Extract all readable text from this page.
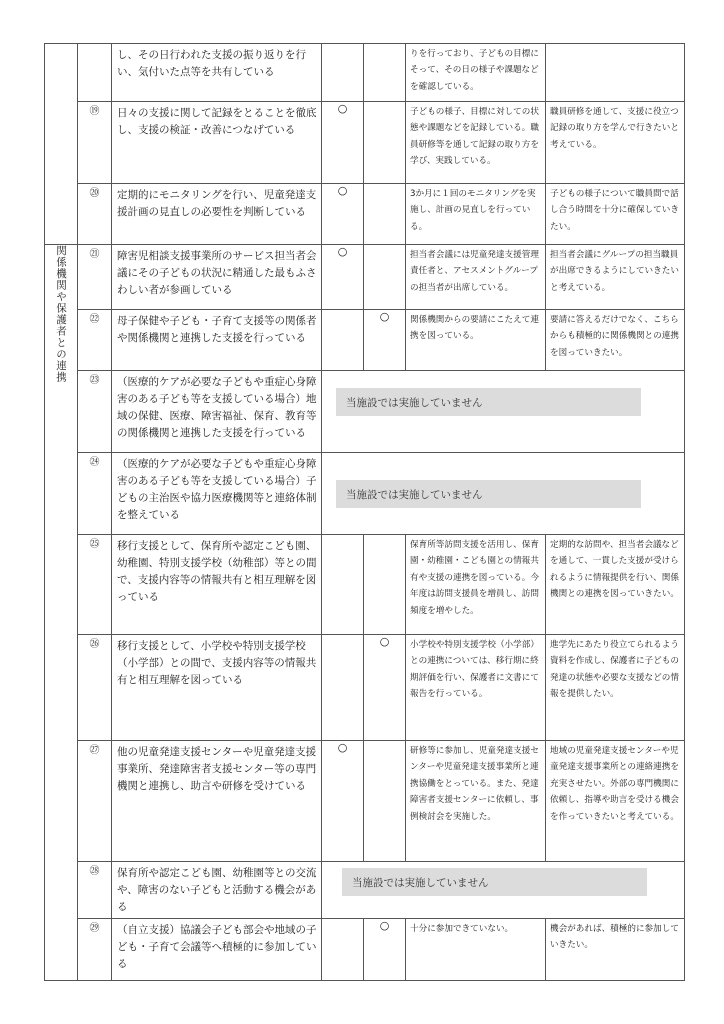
		し、その日行われた支援の振り返りを行い、気付いた点等を共有している			りを行っており、子どもの目標にそって、その日の様子や課題などを確認している。	

	⑲	日々の支援に関して記録をとることを徹底し、支援の検証・改善につなげている	○		子どもの様子、目標に対しての状態や課題などを記録している。職員研修等を通して記録の取り方を学び、実践している。	職員研修を通して、支援に役立つ記録の取り方を学んで行きたいと考えている。

	⑳	定期的にモニタリングを行い、児童発達支援計画の見直しの必要性を判断している	○		3か月に１回のモニタリングを実施し、計画の見直しを行っている。	子どもの様子について職員間で話し合う時間を十分に確保していきたい。

関係機関や保護者との連携	㉑	障害児相談支援事業所のサービス担当者会議にその子どもの状況に精通した最もふさわしい者が参画している	○		担当者会議には児童発達支援管理責任者と、アセスメントグループの担当者が出席している。	担当者会議にグループの担当職員が出席できるようにしていきたいと考えている。

	㉒	母子保健や子ども・子育て支援等の関係者や関係機関と連携した支援を行っている		○	関係機関からの要請にこたえて連携を図っている。	要請に答えるだけでなく、こちらからも積極的に関係機関との連携を図っていきたい。

	㉓	（医療的ケアが必要な子どもや重症心身障害のある子ども等を支援している場合）地域の保健、医療、障害福祉、保育、教育等の関係機関と連携した支援を行っている	当施設では実施していません			

	㉔	（医療的ケアが必要な子どもや重症心身障害のある子ども等を支援している場合）子どもの主治医や協力医療機関等と連絡体制を整えている	当施設では実施していません			

	㉕	移行支援として、保育所や認定こども園、幼稚園、特別支援学校（幼稚部）等との間で、支援内容等の情報共有と相互理解を図っている			保育所等訪問支援を活用し、保育園・幼稚園・こども園との情報共有や支援の連携を図っている。今年度は訪問支援員を増員し、訪問頻度を増やした。	定期的な訪問や、担当者会議などを通して、一貫した支援が受けられるように情報提供を行い、関係機関との連携を図っていきたい。

	㉖	移行支援として、小学校や特別支援学校（小学部）との間で、支援内容等の情報共有と相互理解を図っている		○	小学校や特別支援学校（小学部）との連携については、移行期に終期評価を行い、保護者に文書にて報告を行っている。	進学先にあたり役立てられるよう資料を作成し、保護者に子どもの発達の状態や必要な支援などの情報を提供したい。

	㉗	他の児童発達支援センターや児童発達支援事業所、発達障害者支援センター等の専門機関と連携し、助言や研修を受けている	○		研修等に参加し、児童発達支援センターや児童発達支援事業所と連携協働をとっている。また、発達障害者支援センターに依頼し、事例検討会を実施した。	地域の児童発達支援センターや児童発達支援事業所との連絡連携を充実させたい。外部の専門機関に依頼し、指導や助言を受ける機会を作っていきたいと考えている。

	㉘	保育所や認定こども園、幼稚園等との交流や、障害のない子どもと活動する機会がある	当施設では実施していません			

	㉙	（自立支援）協議会子ども部会や地域の子ども・子育て会議等へ積極的に参加している		○	十分に参加できていない。	機会があれば、積極的に参加していきたい。
